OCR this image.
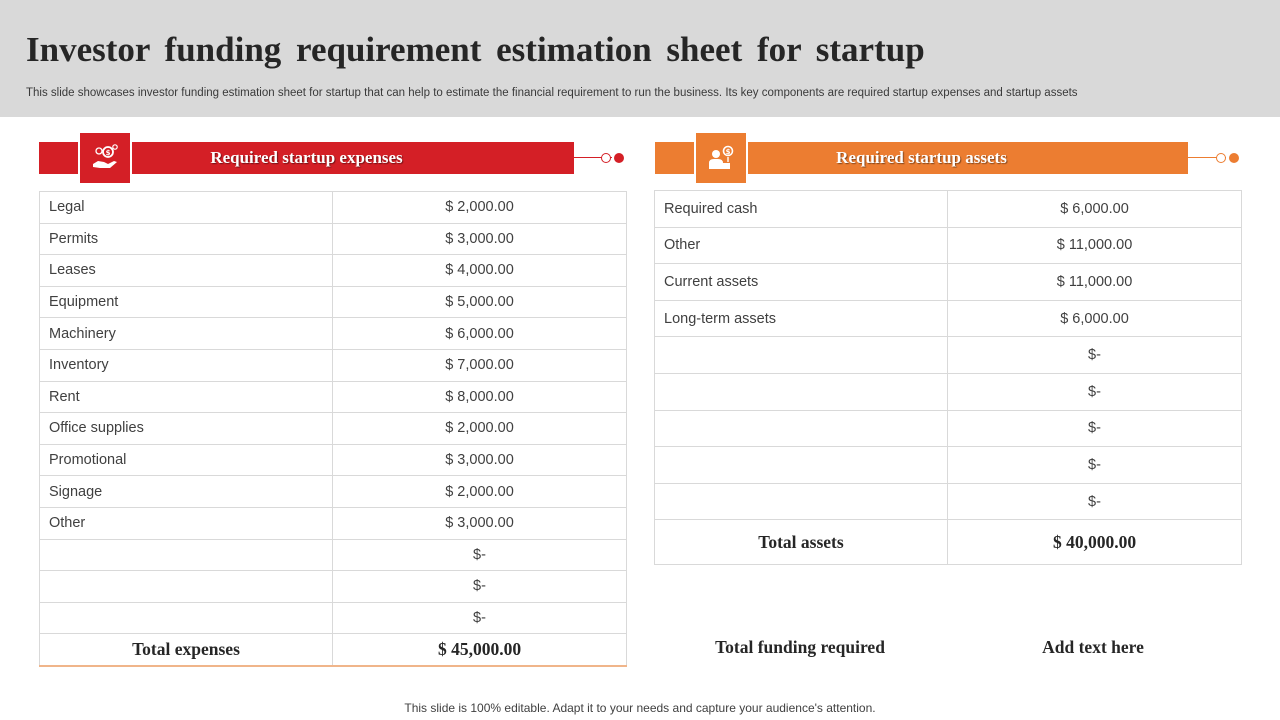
Investor funding requirement estimation sheet for startup
This slide showcases investor funding estimation sheet for startup that can help to estimate the financial requirement to run the business. Its key components are required startup expenses and startup assets
Required startup expenses
$
Legal	$ 2,000.00
Permits	$ 3,000.00
Leases	$ 4,000.00
Equipment	$ 5,000.00
Machinery	$ 6,000.00
Inventory	$ 7,000.00
Rent	$ 8,000.00
Office supplies	$ 2,000.00
Promotional	$ 3,000.00
Signage	$ 2,000.00
Other	$ 3,000.00
	$-
	$-
	$-
Total expenses	$ 45,000.00
Required startup assets
$
Required cash	$ 6,000.00
Other	$ 11,000.00
Current assets	$ 11,000.00
Long-term assets	$ 6,000.00
	$-
	$-
	$-
	$-
	$-
Total assets	$ 40,000.00
Total funding required	Add text here
This slide is 100% editable. Adapt it to your needs and capture your audience's attention.
